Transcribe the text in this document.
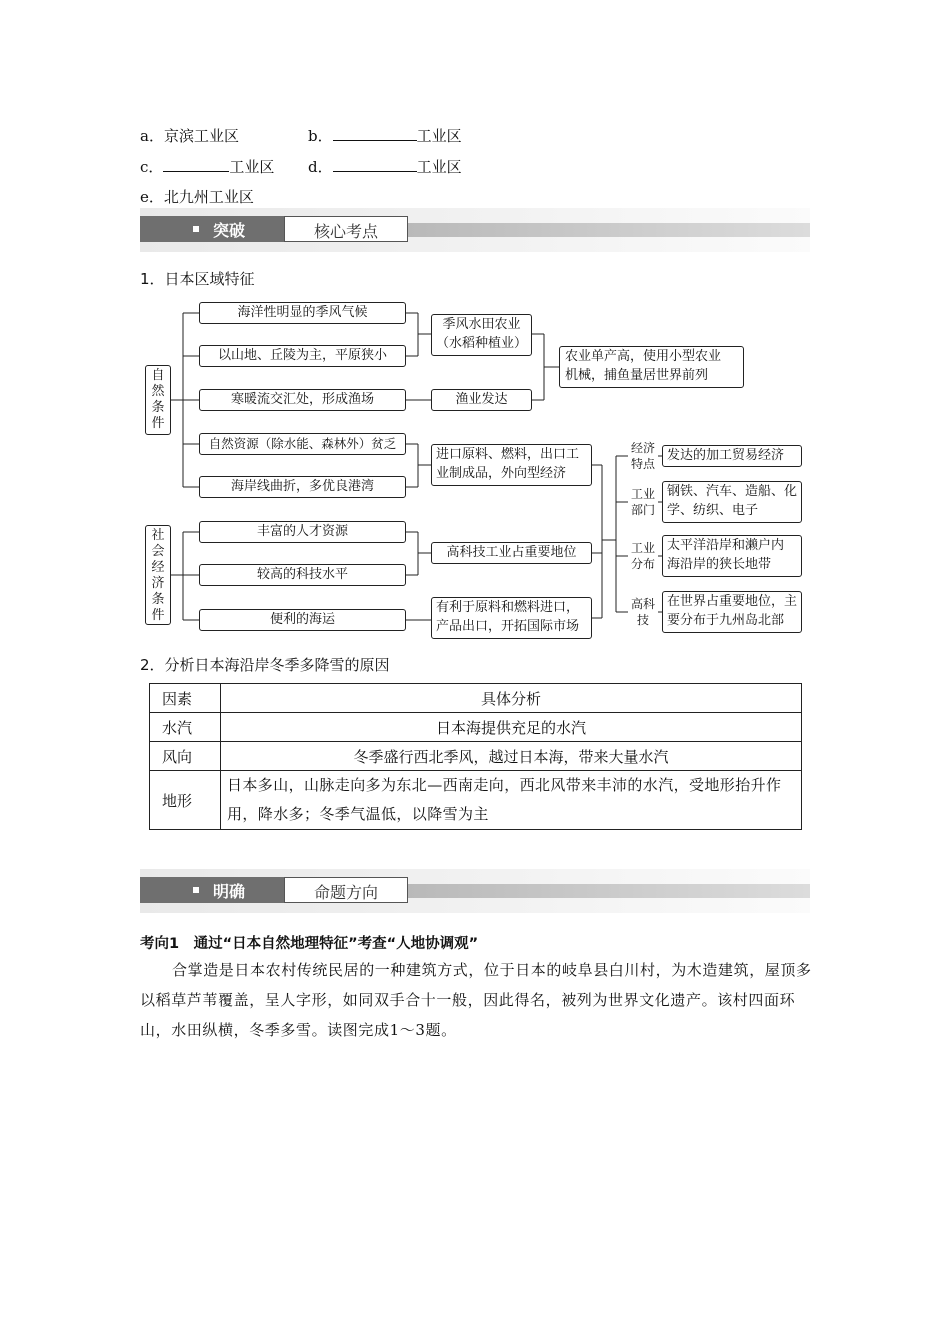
a．京滨工业区	b．	工业区
c．	工业区 d．	工业区
e．北九州工业区
突破	核心考点
1．日本区域特征
自
然
条
件
社
会
经
济
条
件
海洋性明显的季风气候
以山地、丘陵为主，平原狭小
寒暖流交汇处，形成渔场
自然资源（除水能、森林外）贫乏
海岸线曲折，多优良港湾
丰富的人才资源
较高的科技水平
便利的海运
季风水田农业
（水稻种植业）
渔业发达
进口原料、燃料，出口工
业制成品，外向型经济
高科技工业占重要地位
有利于原料和燃料进口，
产品出口，开拓国际市场
农业单产高，使用小型农业
机械，捕鱼量居世界前列
经济
特点
工业
部门
工业
分布
高科
技
发达的加工贸易经济
钢铁、汽车、造船、化
学、纺织、电子
太平洋沿岸和濑户内
海沿岸的狭长地带
在世界占重要地位，主
要分布于九州岛北部
2．分析日本海沿岸冬季多降雪的原因
因素	具体分析
水汽	日本海提供充足的水汽
风向	冬季盛行西北季风，越过日本海，带来大量水汽
地形	日本多山，山脉走向多为东北—西南走向，西北风带来丰沛的水汽，受地形抬升作用，降水多；冬季气温低，以降雪为主
明确	命题方向
考向1　通过“日本自然地理特征”考查“人地协调观”
合掌造是日本农村传统民居的一种建筑方式，位于日本的岐阜县白川村，为木造建筑，屋顶多以稻草芦苇覆盖，呈人字形，如同双手合十一般，因此得名，被列为世界文化遗产。该村四面环山，水田纵横，冬季多雪。读图完成1～3题。
